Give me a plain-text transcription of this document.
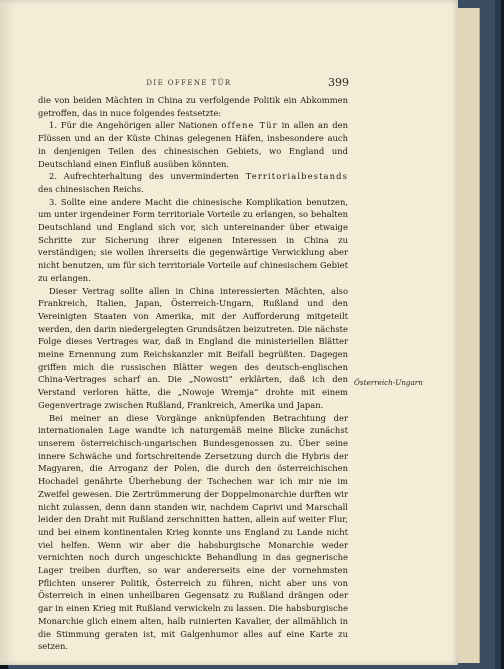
DIE OFFENE TÜR	399

die von beiden Mächten in China zu verfolgende Politik ein Abkommen getroffen, das in nuce folgendes festsetzte:

1. Für die Angehörigen aller Nationen offene Tür in allen an den Flüssen und an der Küste Chinas gelegenen Häfen, insbesondere auch in denjenigen Teilen des chinesischen Gebiets, wo England und Deutschland einen Einfluß ausüben könnten.

2. Aufrechterhaltung des unverminderten Territorialbestands des chinesischen Reichs.

3. Sollte eine andere Macht die chinesische Komplikation benutzen, um unter irgendeiner Form territoriale Vorteile zu erlangen, so behalten Deutschland und England sich vor, sich untereinander über etwaige Schritte zur Sicherung ihrer eigenen Interessen in China zu verständigen; sie wollen ihrerseits die gegenwärtige Verwicklung aber nicht benutzen, um für sich territoriale Vorteile auf chinesischem Gebiet zu erlangen.

Dieser Vertrag sollte allen in China interessierten Mächten, also Frankreich, Italien, Japan, Österreich-Ungarn, Rußland und den Vereinigten Staaten von Amerika, mit der Aufforderung mitgeteilt werden, den darin niedergelegten Grundsätzen beizutreten. Die nächste Folge dieses Vertrages war, daß in England die ministeriellen Blätter meine Ernennung zum Reichskanzler mit Beifall begrüßten. Dagegen griffen mich die russischen Blätter wegen des deutsch-englischen China-Vertrages scharf an. Die „Nowosti“ erklärten, daß ich den Verstand verloren hätte, die „Nowoje Wremja“ drohte mit einem Gegenvertrage zwischen Rußland, Frankreich, Amerika und Japan.

Bei meiner an diese Vorgänge anknüpfenden Betrachtung der internationalen Lage wandte ich naturgemäß meine Blicke zunächst unserem österreichisch-ungarischen Bundesgenossen zu. Über seine innere Schwäche und fortschreitende Zersetzung durch die Hybris der Magyaren, die Arroganz der Polen, die durch den österreichischen Hochadel genährte Überhebung der Tschechen war ich mir nie im Zweifel gewesen. Die Zertrümmerung der Doppelmonarchie durften wir nicht zulassen, denn dann standen wir, nachdem Caprivi und Marschall leider den Draht mit Rußland zerschnitten hatten, allein auf weiter Flur, und bei einem kontinentalen Krieg konnte uns England zu Lande nicht viel helfen. Wenn wir aber die habsburgische Monarchie weder vernichten noch durch ungeschickte Behandlung in das gegnerische Lager treiben durften, so war andererseits eine der vornehmsten Pflichten unserer Politik, Österreich zu führen, nicht aber uns von Österreich in einen unheilbaren Gegensatz zu Rußland drängen oder gar in einen Krieg mit Rußland verwickeln zu lassen. Die habsburgische Monarchie glich einem alten, halb ruinierten Kavalier, der allmählich in die Stimmung geraten ist, mit Galgenhumor alles auf eine Karte zu setzen.

Österreich-Ungarn
